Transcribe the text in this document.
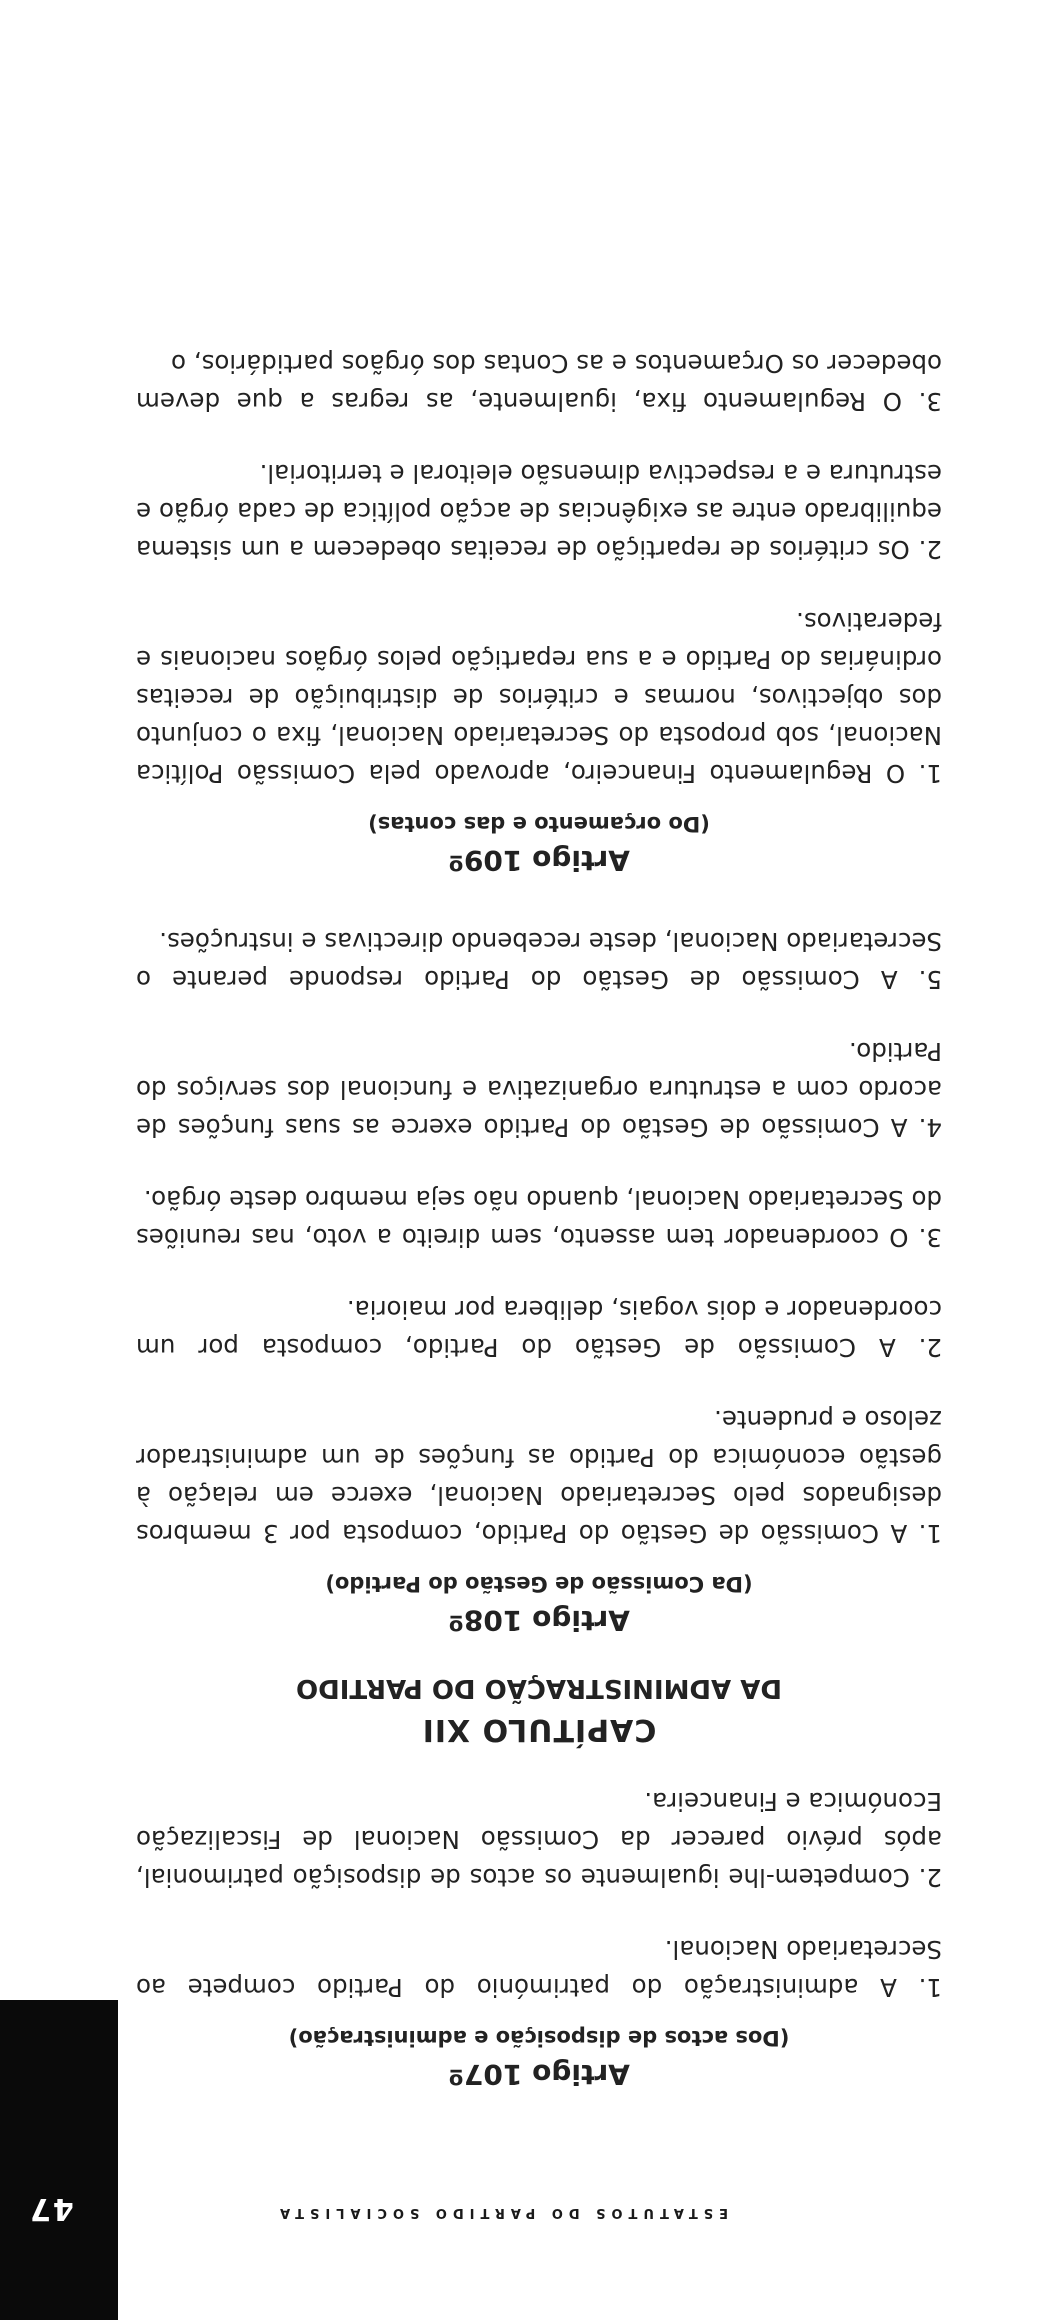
47	ESTATUTOS DO PARTIDO SOCIALISTA

Artigo 107º

(Dos actos de disposição e administração)

1. A administração do património do Partido compete ao Secretariado Nacional.

2. Competem-lhe igualmente os actos de disposição patrimonial, após prévio parecer da Comissão Nacional de Fiscalização Económica e Financeira.

CAPÍTULO XII

DA ADMINISTRAÇÃO DO PARTIDO

Artigo 108º

(Da Comissão de Gestão do Partido)

1. A Comissão de Gestão do Partido, composta por 3 membros designados pelo Secretariado Nacional, exerce em relação à gestão económica do Partido as funções de um administrador zeloso e prudente.

2. A Comissão de Gestão do Partido, composta por um coordenador e dois vogais, delibera por maioria.

3. O coordenador tem assento, sem direito a voto, nas reuniões do Secretariado Nacional, quando não seja membro deste órgão.

4. A Comissão de Gestão do Partido exerce as suas funções de acordo com a estrutura organizativa e funcional dos serviços do Partido.

5. A Comissão de Gestão do Partido responde perante o Secretariado Nacional, deste recebendo directivas e instruções.

Artigo 109º

(Do orçamento e das contas)

1. O Regulamento Financeiro, aprovado pela Comissão Política Nacional, sob proposta do Secretariado Nacional, fixa o conjunto dos objectivos, normas e critérios de distribuição de receitas ordinárias do Partido e a sua repartição pelos órgãos nacionais e federativos.

2. Os critérios de repartição de receitas obedecem a um sistema equilibrado entre as exigências de acção política de cada órgão e estrutura e a respectiva dimensão eleitoral e territorial.

3. O Regulamento fixa, igualmente, as regras a que devem obedecer os Orçamentos e as Contas dos órgãos partidários, o
